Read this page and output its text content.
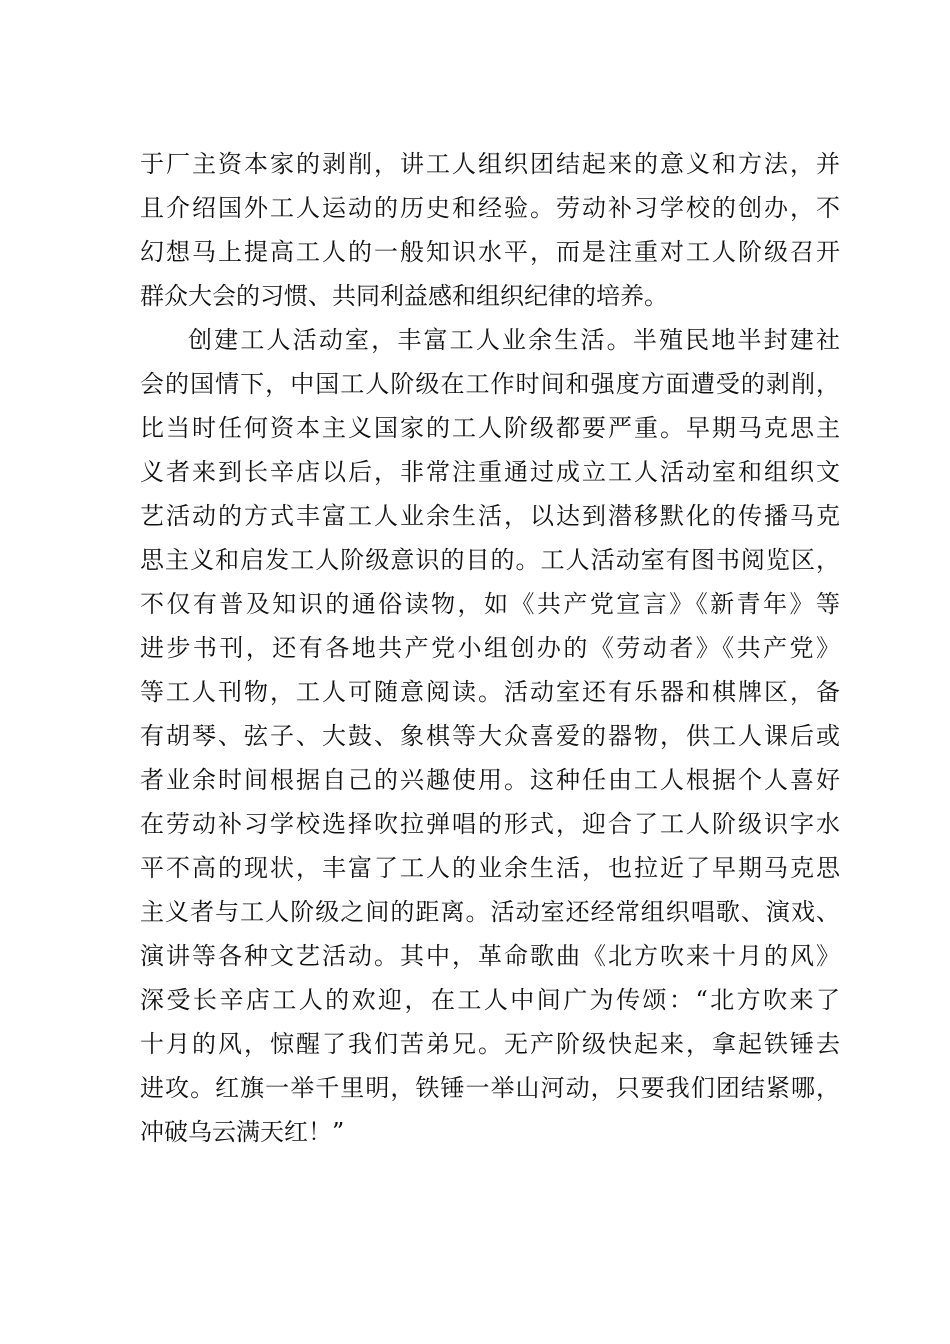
于厂主资本家的剥削，讲工人组织团结起来的意义和方法，并
且介绍国外工人运动的历史和经验。劳动补习学校的创办，不
幻想马上提高工人的一般知识水平，而是注重对工人阶级召开
群众大会的习惯、共同利益感和组织纪律的培养。
创建工人活动室，丰富工人业余生活。半殖民地半封建社
会的国情下，中国工人阶级在工作时间和强度方面遭受的剥削，
比当时任何资本主义国家的工人阶级都要严重。早期马克思主
义者来到长辛店以后，非常注重通过成立工人活动室和组织文
艺活动的方式丰富工人业余生活，以达到潜移默化的传播马克
思主义和启发工人阶级意识的目的。工人活动室有图书阅览区，
不仅有普及知识的通俗读物，如《共产党宣言》《新青年》等
进步书刊，还有各地共产党小组创办的《劳动者》《共产党》
等工人刊物，工人可随意阅读。活动室还有乐器和棋牌区，备
有胡琴、弦子、大鼓、象棋等大众喜爱的器物，供工人课后或
者业余时间根据自己的兴趣使用。这种任由工人根据个人喜好
在劳动补习学校选择吹拉弹唱的形式，迎合了工人阶级识字水
平不高的现状，丰富了工人的业余生活，也拉近了早期马克思
主义者与工人阶级之间的距离。活动室还经常组织唱歌、演戏、
演讲等各种文艺活动。其中，革命歌曲《北方吹来十月的风》
深受长辛店工人的欢迎，在工人中间广为传颂：“北方吹来了
十月的风，惊醒了我们苦弟兄。无产阶级快起来，拿起铁锤去
进攻。红旗一举千里明，铁锤一举山河动，只要我们团结紧哪，
冲破乌云满天红！”
